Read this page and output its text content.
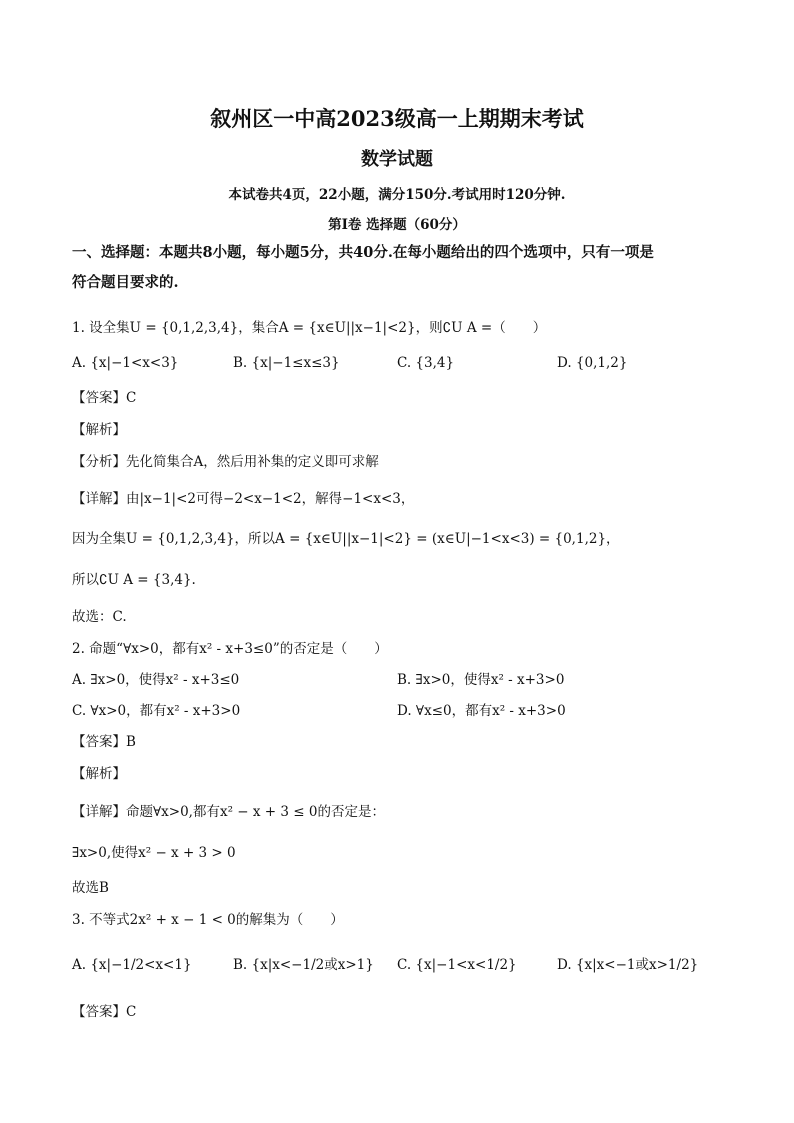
叙州区一中高2023级高一上期期末考试
数学试题
本试卷共4页，22小题，满分150分.考试用时120分钟.
第I卷 选择题（60分）
一、选择题：本题共8小题，每小题5分，共40分.在每小题给出的四个选项中，只有一项是
符合题目要求的.
1. 设全集U = {0,1,2,3,4}，集合A = {x∈U||x−1|<2}，则∁U A =（　　）
A. {x|−1<x<3}	B. {x|−1≤x≤3}	C. {3,4}	D. {0,1,2}
【答案】C
【解析】
【分析】先化简集合A，然后用补集的定义即可求解
【详解】由|x−1|<2可得−2<x−1<2，解得−1<x<3，
因为全集U = {0,1,2,3,4}，所以A = {x∈U||x−1|<2} = (x∈U|−1<x<3) = {0,1,2}，
所以∁U A = {3,4}.
故选：C.
2. 命题“∀x>0，都有x² - x+3≤0”的否定是（　　）
A. ∃x>0，使得x² - x+3≤0	B. ∃x>0，使得x² - x+3>0
C. ∀x>0，都有x² - x+3>0	D. ∀x≤0，都有x² - x+3>0
【答案】B
【解析】
【详解】命题∀x>0,都有x² − x + 3 ≤ 0的否定是：
∃x>0,使得x² − x + 3 > 0
故选B
3. 不等式2x² + x − 1 < 0的解集为（　　）
A. {x|−1/2<x<1}	B. {x|x<−1/2或x>1} C. {x|−1<x<1/2}	D. {x|x<−1或x>1/2}
【答案】C
